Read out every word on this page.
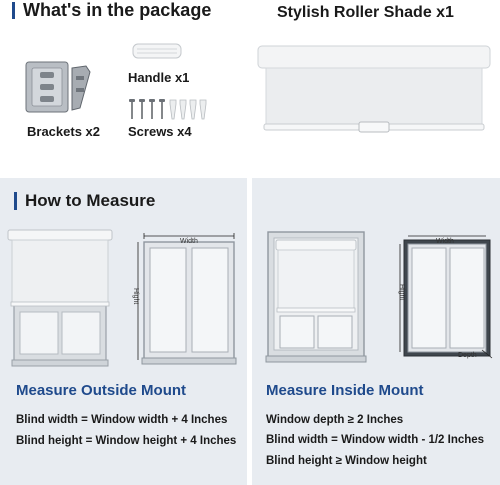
What's in the package	Stylish Roller Shade x1
Brackets x2
Handle x1
Screws x4
How to Measure
Width
Hight
Measure Outside Mount
Blind width = Window width + 4 Inches
Blind height = Window height + 4 Inches
Width
Hight
Depth
Measure Inside Mount
Window depth ≥ 2 Inches
Blind width = Window width - 1/2 Inches
Blind height ≥ Window height
